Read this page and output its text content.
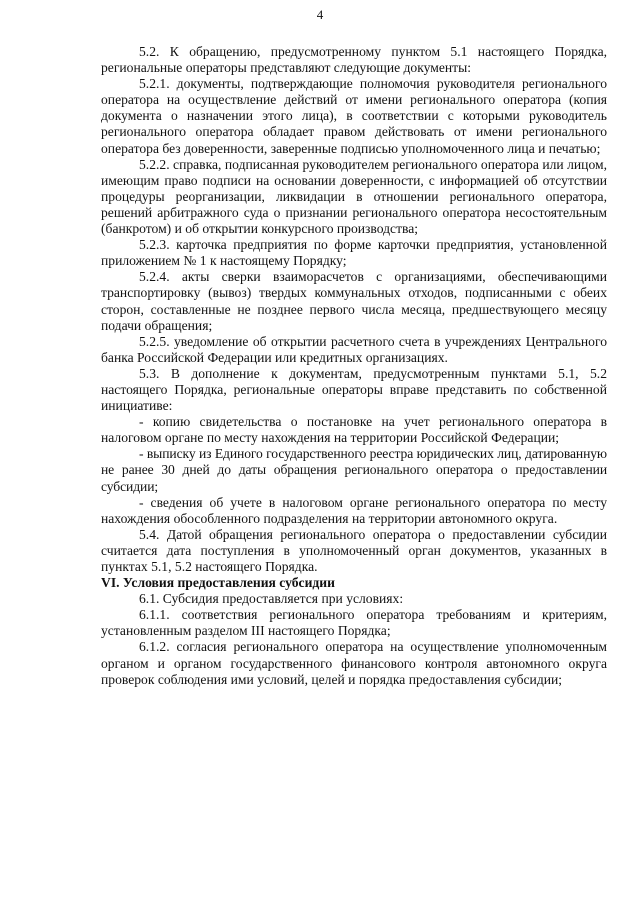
4

5.2. К обращению, предусмотренному пунктом 5.1 настоящего Порядка, региональные операторы представляют следующие документы:

5.2.1. документы, подтверждающие полномочия руководителя регионального оператора на осуществление действий от имени регионального оператора (копия документа о назначении этого лица), в соответствии с которыми руководитель регионального оператора обладает правом действовать от имени регионального оператора без доверенности, заверенные подписью уполномоченного лица и печатью;

5.2.2. справка, подписанная руководителем регионального оператора или лицом, имеющим право подписи на основании доверенности, с информацией об отсутствии процедуры реорганизации, ликвидации в отношении регионального оператора, решений арбитражного суда о признании регионального оператора несостоятельным (банкротом) и об открытии конкурсного производства;

5.2.3. карточка предприятия по форме карточки предприятия, установленной приложением № 1 к настоящему Порядку;

5.2.4. акты сверки взаиморасчетов с организациями, обеспечивающими транспортировку (вывоз) твердых коммунальных отходов, подписанными с обеих сторон, составленные не позднее первого числа месяца, предшествующего месяцу подачи обращения;

5.2.5. уведомление об открытии расчетного счета в учреждениях Центрального банка Российской Федерации или кредитных организациях.

5.3. В дополнение к документам, предусмотренным пунктами 5.1, 5.2 настоящего Порядка, региональные операторы вправе представить по собственной инициативе:

- копию свидетельства о постановке на учет регионального оператора в налоговом органе по месту нахождения на территории Российской Федерации;

- выписку из Единого государственного реестра юридических лиц, датированную не ранее 30 дней до даты обращения регионального оператора о предоставлении субсидии;

- сведения об учете в налоговом органе регионального оператора по месту нахождения обособленного подразделения на территории автономного округа.

5.4. Датой обращения регионального оператора о предоставлении субсидии считается дата поступления в уполномоченный орган документов, указанных в пунктах 5.1, 5.2 настоящего Порядка.

VI. Условия предоставления субсидии

6.1. Субсидия предоставляется при условиях:

6.1.1. соответствия регионального оператора требованиям и критериям, установленным разделом III настоящего Порядка;

6.1.2. согласия регионального оператора на осуществление уполномоченным органом и органом государственного финансового контроля автономного округа проверок соблюдения ими условий, целей и порядка предоставления субсидии;
